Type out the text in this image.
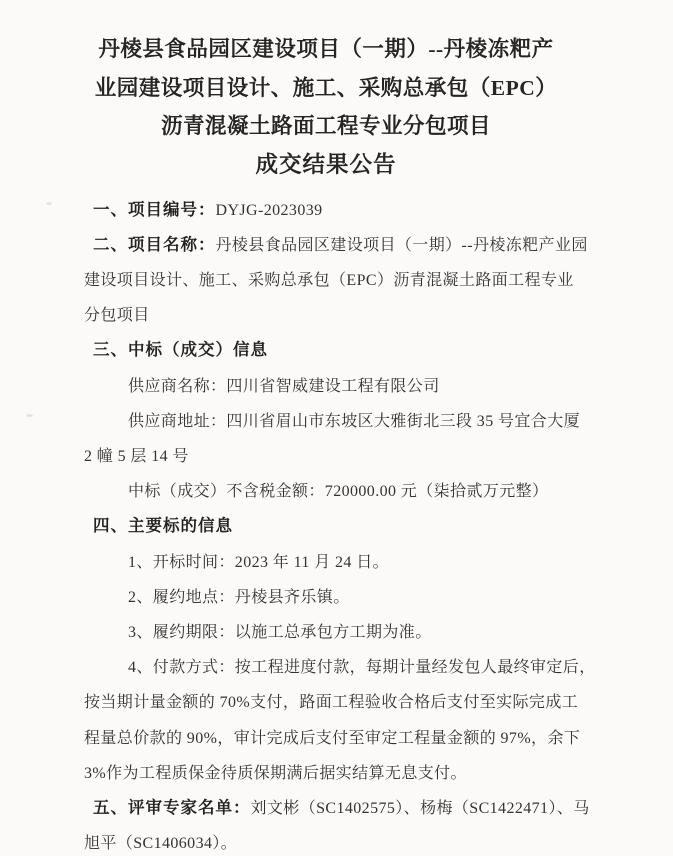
丹棱县食品园区建设项目（一期）--丹棱冻粑产
业园建设项目设计、施工、采购总承包（EPC）
沥青混凝土路面工程专业分包项目
成交结果公告
一、项目编号：DYJG-2023039
二、项目名称：丹棱县食品园区建设项目（一期）--丹棱冻粑产业园
建设项目设计、施工、采购总承包（EPC）沥青混凝土路面工程专业
分包项目
三、中标（成交）信息
供应商名称：四川省智威建设工程有限公司
供应商地址：四川省眉山市东坡区大雅街北三段 35 号宜合大厦
2 幢 5 层 14 号
中标（成交）不含税金额：720000.00 元（柒拾贰万元整）
四、主要标的信息
1、开标时间：2023 年 11 月 24 日。
2、履约地点：丹棱县齐乐镇。
3、履约期限：以施工总承包方工期为准。
4、付款方式：按工程进度付款，每期计量经发包人最终审定后，
按当期计量金额的 70%支付，路面工程验收合格后支付至实际完成工
程量总价款的 90%，审计完成后支付至审定工程量金额的 97%，余下
3%作为工程质保金待质保期满后据实结算无息支付。
五、评审专家名单：刘文彬（SC1402575）、杨梅（SC1422471）、马
旭平（SC1406034）。
